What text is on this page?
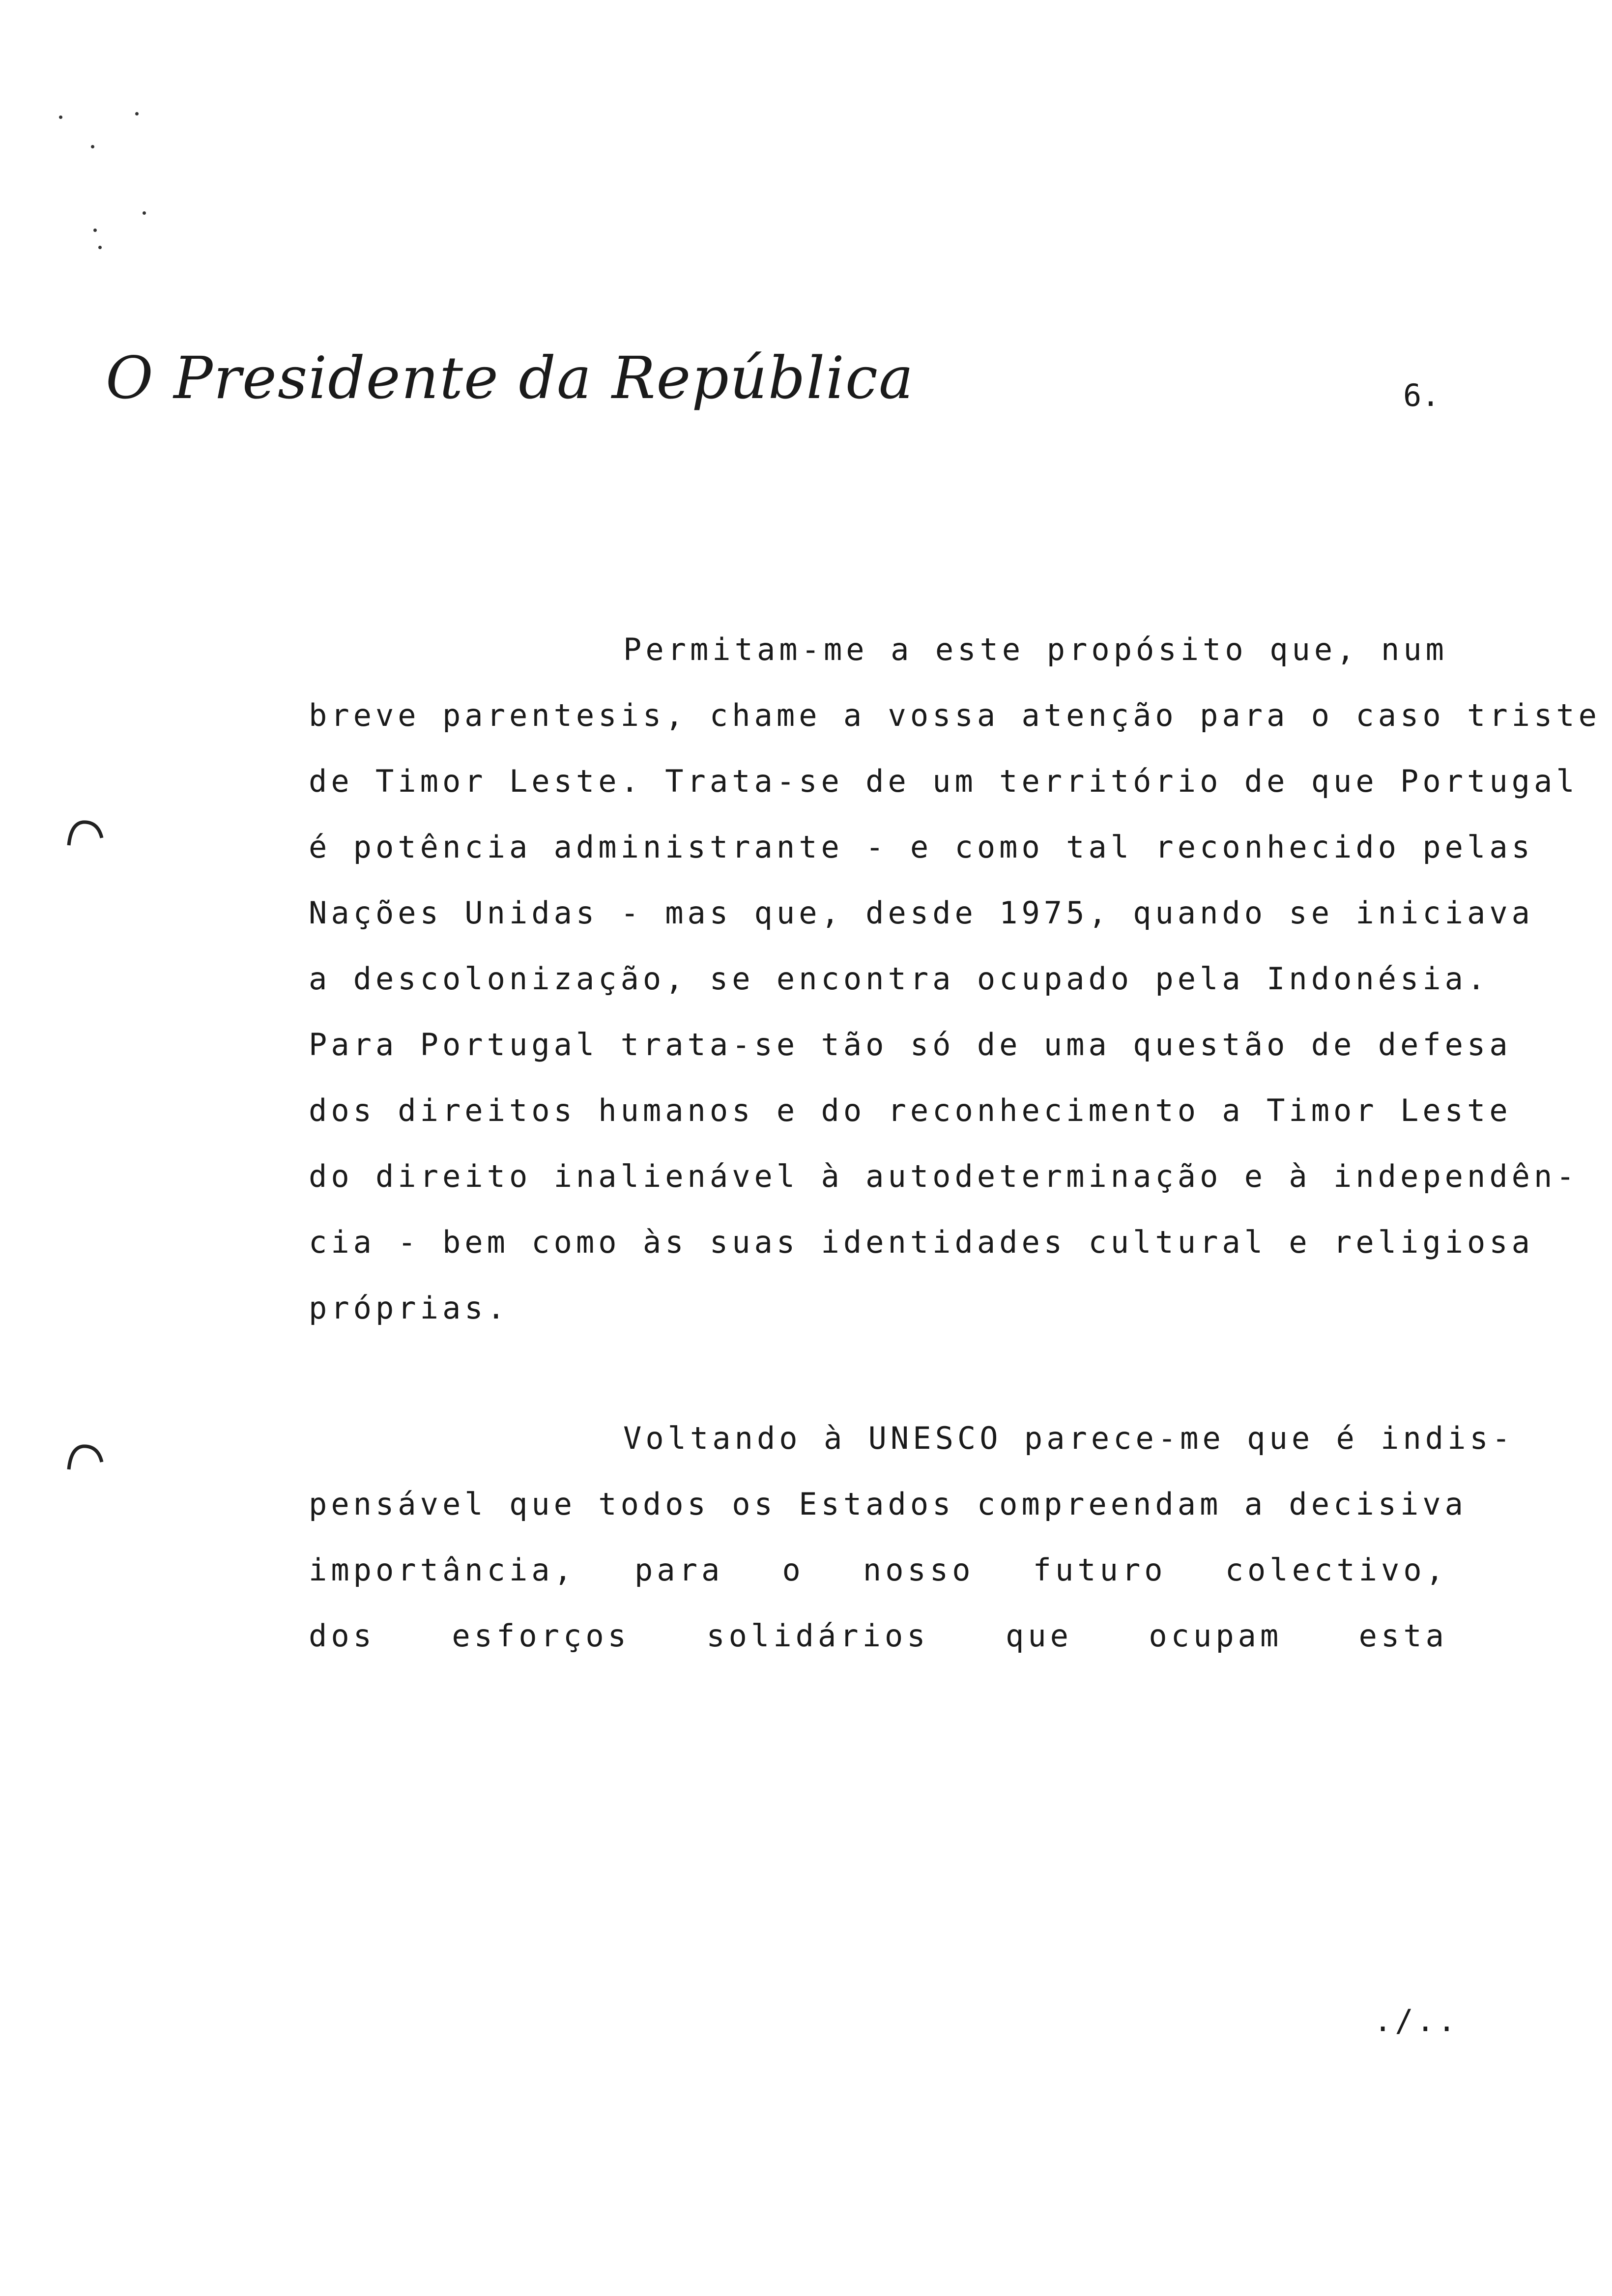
O Presidente da República	6.
Permitam-me a este propósito que, num
breve parentesis, chame a vossa atenção para o caso triste
de Timor Leste. Trata-se de um território de que Portugal
é potência administrante - e como tal reconhecido pelas
Nações Unidas - mas que, desde 1975, quando se iniciava
a descolonização, se encontra ocupado pela Indonésia.
Para Portugal trata-se tão só de uma questão de defesa
dos direitos humanos e do reconhecimento a Timor Leste
do direito inalienável à autodeterminação e à independên-
cia - bem como às suas identidades cultural e religiosa
próprias.
Voltando à UNESCO parece-me que é indis-
pensável que todos os Estados compreendam a decisiva
importância, para o nosso futuro colectivo,
dos esforços solidários que ocupam esta
./..
